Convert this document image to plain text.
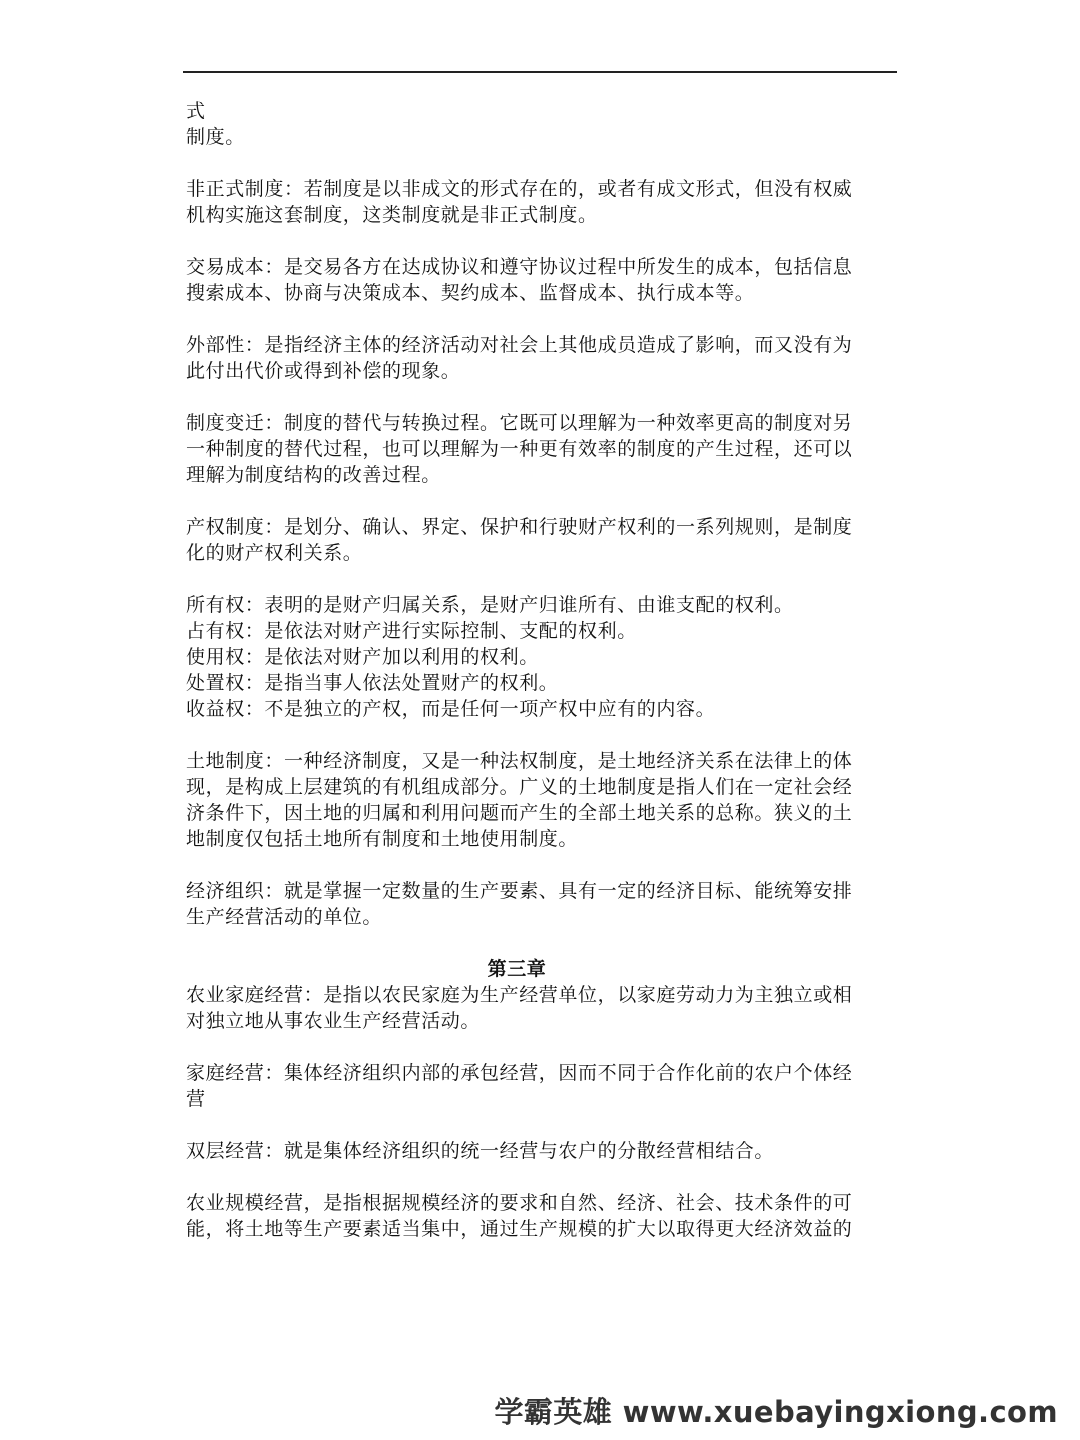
式
制度。
非正式制度：若制度是以非成文的形式存在的，或者有成文形式，但没有权威
机构实施这套制度，这类制度就是非正式制度。
交易成本：是交易各方在达成协议和遵守协议过程中所发生的成本，包括信息
搜索成本、协商与决策成本、契约成本、监督成本、执行成本等。
外部性：是指经济主体的经济活动对社会上其他成员造成了影响，而又没有为
此付出代价或得到补偿的现象。
制度变迁：制度的替代与转换过程。它既可以理解为一种效率更高的制度对另
一种制度的替代过程，也可以理解为一种更有效率的制度的产生过程，还可以
理解为制度结构的改善过程。
产权制度：是划分、确认、界定、保护和行驶财产权利的一系列规则，是制度
化的财产权利关系。
所有权：表明的是财产归属关系，是财产归谁所有、由谁支配的权利。
占有权：是依法对财产进行实际控制、支配的权利。
使用权：是依法对财产加以利用的权利。
处置权：是指当事人依法处置财产的权利。
收益权：不是独立的产权，而是任何一项产权中应有的内容。
土地制度：一种经济制度，又是一种法权制度，是土地经济关系在法律上的体
现，是构成上层建筑的有机组成部分。广义的土地制度是指人们在一定社会经
济条件下，因土地的归属和利用问题而产生的全部土地关系的总称。狭义的土
地制度仅包括土地所有制度和土地使用制度。
经济组织：就是掌握一定数量的生产要素、具有一定的经济目标、能统筹安排
生产经营活动的单位。
第三章
农业家庭经营：是指以农民家庭为生产经营单位，以家庭劳动力为主独立或相
对独立地从事农业生产经营活动。
家庭经营：集体经济组织内部的承包经营，因而不同于合作化前的农户个体经
营
双层经营：就是集体经济组织的统一经营与农户的分散经营相结合。
农业规模经营，是指根据规模经济的要求和自然、经济、社会、技术条件的可
能，将土地等生产要素适当集中，通过生产规模的扩大以取得更大经济效益的
学霸英雄 www.xuebayingxiong.com
